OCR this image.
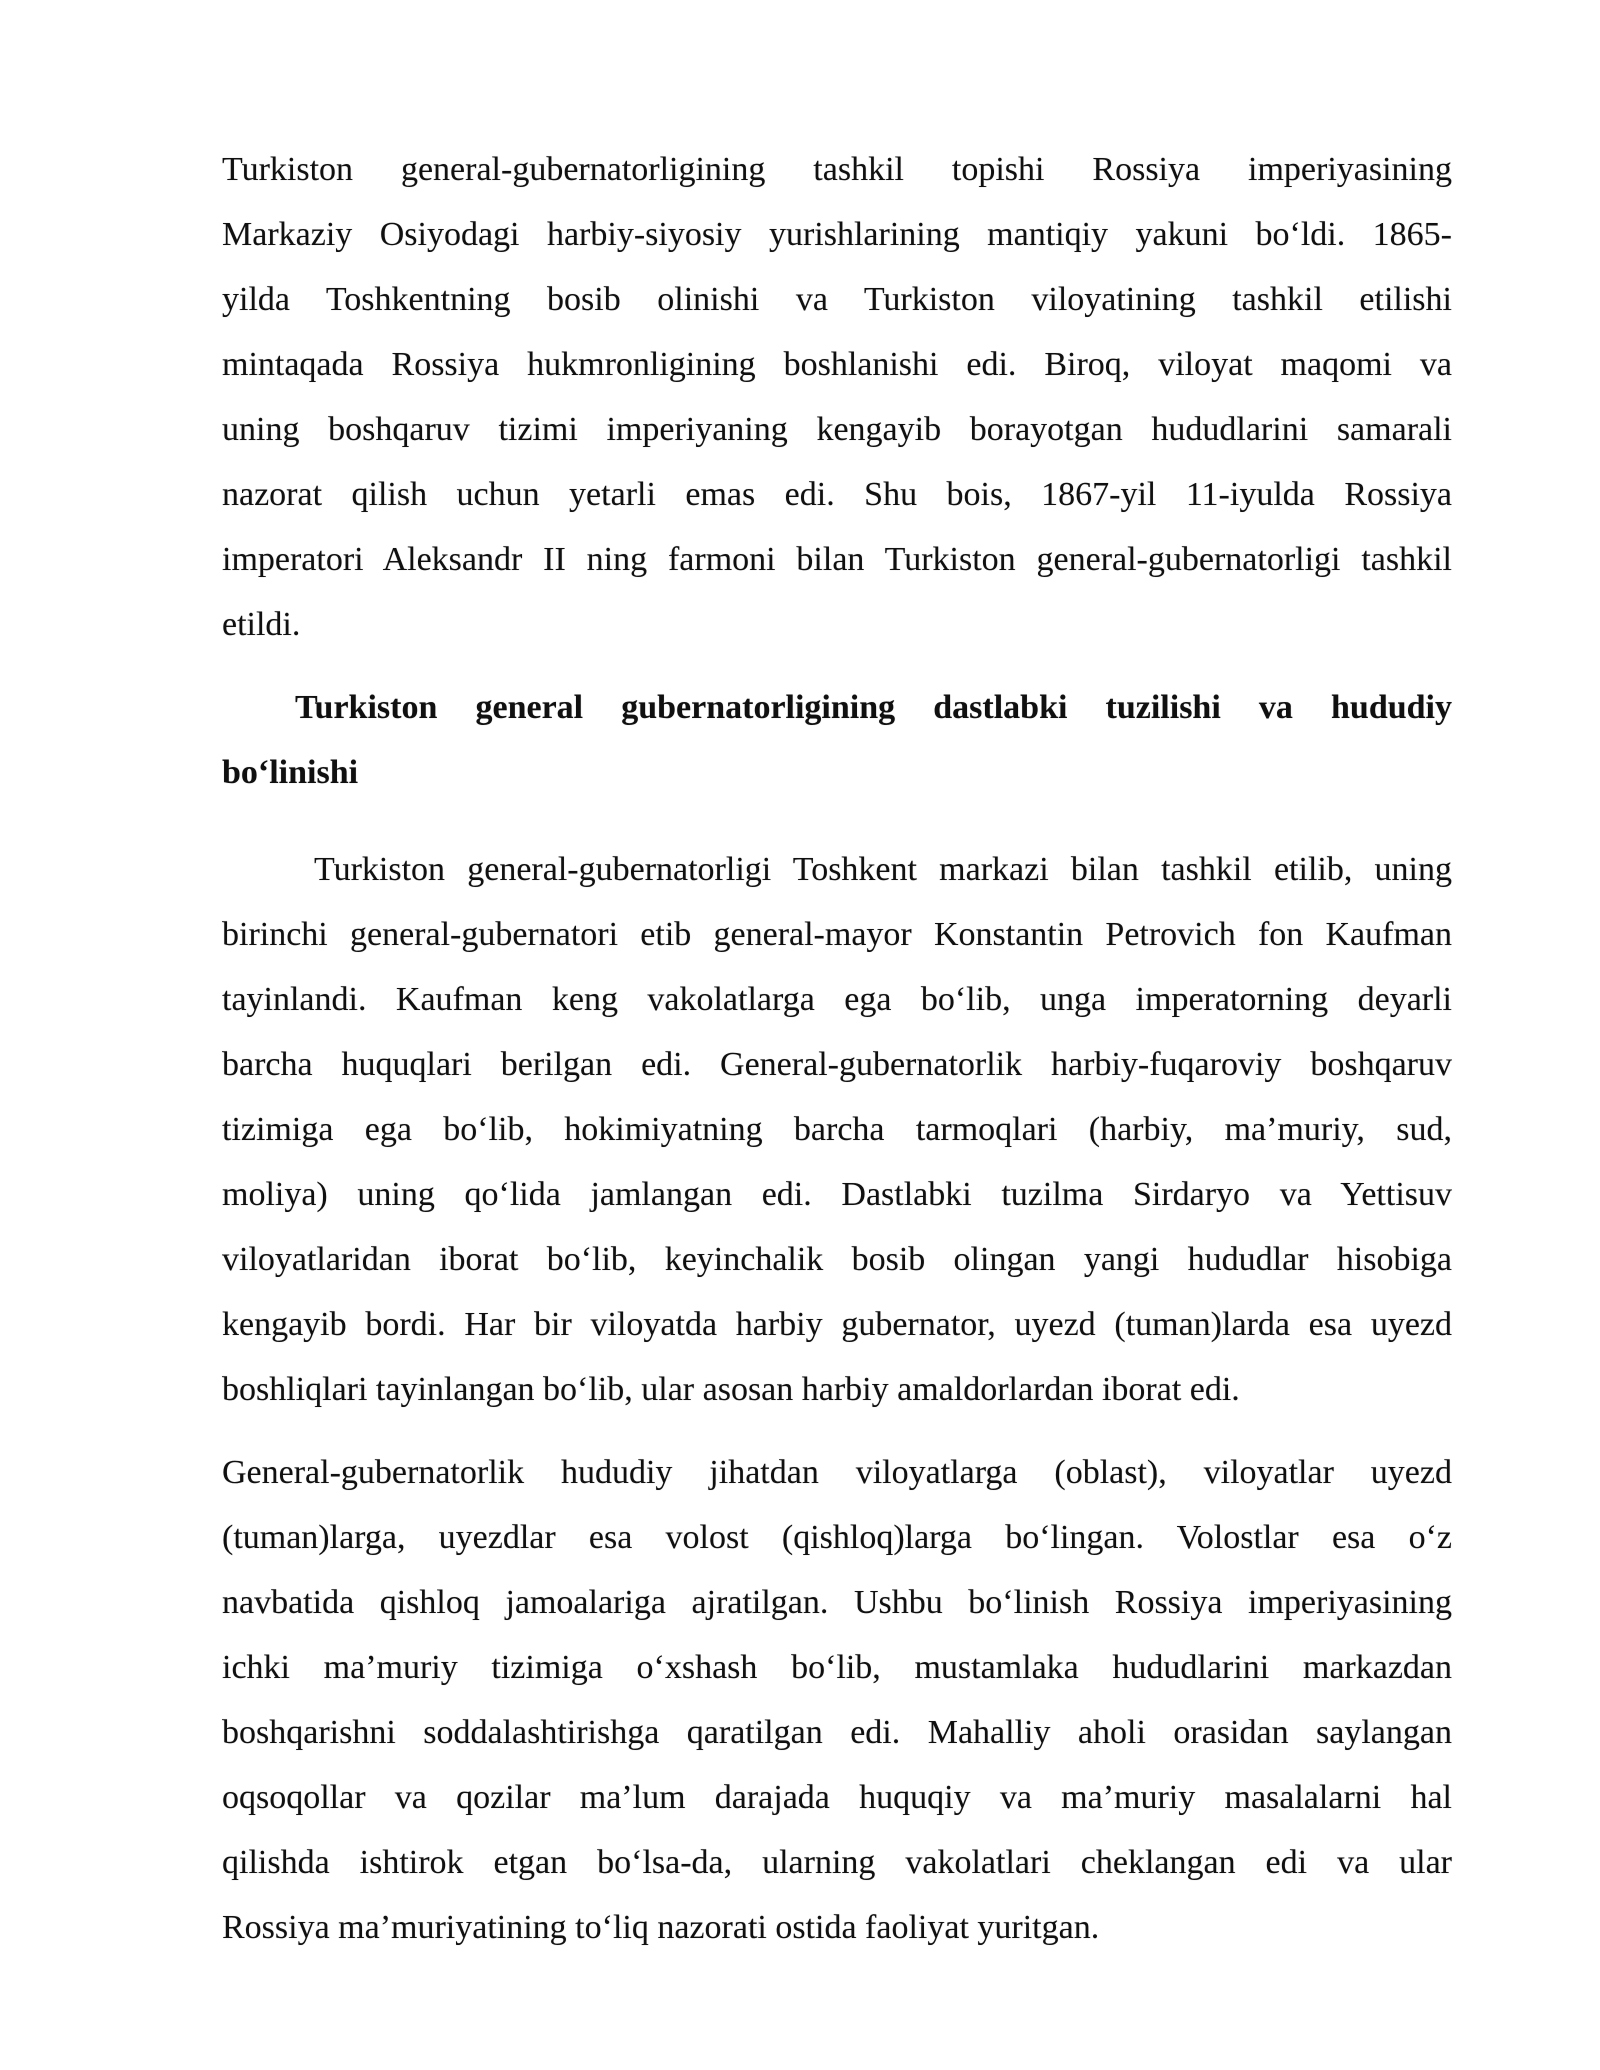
Turkiston general-gubernatorligining tashkil topishi Rossiya imperiyasining
Markaziy Osiyodagi harbiy-siyosiy yurishlarining mantiqiy yakuni bo‘ldi. 1865-
yilda Toshkentning bosib olinishi va Turkiston viloyatining tashkil etilishi
mintaqada Rossiya hukmronligining boshlanishi edi. Biroq, viloyat maqomi va
uning boshqaruv tizimi imperiyaning kengayib borayotgan hududlarini samarali
nazorat qilish uchun yetarli emas edi. Shu bois, 1867-yil 11-iyulda Rossiya
imperatori Aleksandr II ning farmoni bilan Turkiston general-gubernatorligi tashkil
etildi.
Turkiston general gubernatorligining dastlabki tuzilishi va hududiy
bo‘linishi
Turkiston general-gubernatorligi Toshkent markazi bilan tashkil etilib, uning
birinchi general-gubernatori etib general-mayor Konstantin Petrovich fon Kaufman
tayinlandi. Kaufman keng vakolatlarga ega bo‘lib, unga imperatorning deyarli
barcha huquqlari berilgan edi. General-gubernatorlik harbiy-fuqaroviy boshqaruv
tizimiga ega bo‘lib, hokimiyatning barcha tarmoqlari (harbiy, ma’muriy, sud,
moliya) uning qo‘lida jamlangan edi. Dastlabki tuzilma Sirdaryo va Yettisuv
viloyatlaridan iborat bo‘lib, keyinchalik bosib olingan yangi hududlar hisobiga
kengayib bordi. Har bir viloyatda harbiy gubernator, uyezd (tuman)larda esa uyezd
boshliqlari tayinlangan bo‘lib, ular asosan harbiy amaldorlardan iborat edi.
General-gubernatorlik hududiy jihatdan viloyatlarga (oblast), viloyatlar uyezd
(tuman)larga, uyezdlar esa volost (qishloq)larga bo‘lingan. Volostlar esa o‘z
navbatida qishloq jamoalariga ajratilgan. Ushbu bo‘linish Rossiya imperiyasining
ichki ma’muriy tizimiga o‘xshash bo‘lib, mustamlaka hududlarini markazdan
boshqarishni soddalashtirishga qaratilgan edi. Mahalliy aholi orasidan saylangan
oqsoqollar va qozilar ma’lum darajada huquqiy va ma’muriy masalalarni hal
qilishda ishtirok etgan bo‘lsa-da, ularning vakolatlari cheklangan edi va ular
Rossiya ma’muriyatining to‘liq nazorati ostida faoliyat yuritgan.
